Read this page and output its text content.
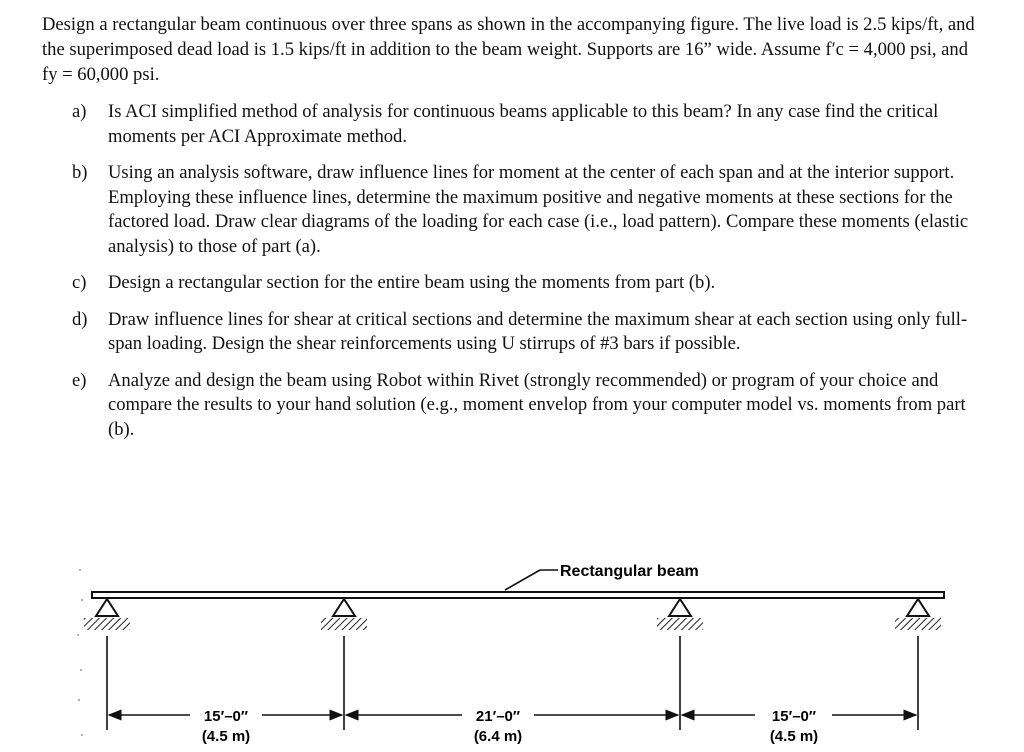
Design a rectangular beam continuous over three spans as shown in the accompanying figure. The live load is 2.5 kips/ft, and the superimposed dead load is 1.5 kips/ft in addition to the beam weight. Supports are 16” wide. Assume f′c = 4,000 psi, and fy = 60,000 psi.

a)	Is ACI simplified method of analysis for continuous beams applicable to this beam? In any case find the critical moments per ACI Approximate method.
b)	Using an analysis software, draw influence lines for moment at the center of each span and at the interior support. Employing these influence lines, determine the maximum positive and negative moments at these sections for the factored load. Draw clear diagrams of the loading for each case (i.e., load pattern). Compare these moments (elastic analysis) to those of part (a).
c)	Design a rectangular section for the entire beam using the moments from part (b).
d)	Draw influence lines for shear at critical sections and determine the maximum shear at each section using only full-span loading. Design the shear reinforcements using U stirrups of #3 bars if possible.
e)	Analyze and design the beam using Robot within Rivet (strongly recommended) or program of your choice and compare the results to your hand solution (e.g., moment envelop from your computer model vs. moments from part (b).
Rectangular beam
15′–0″
(4.5 m)
21′–0″
(6.4 m)
15′–0″
(4.5 m)
